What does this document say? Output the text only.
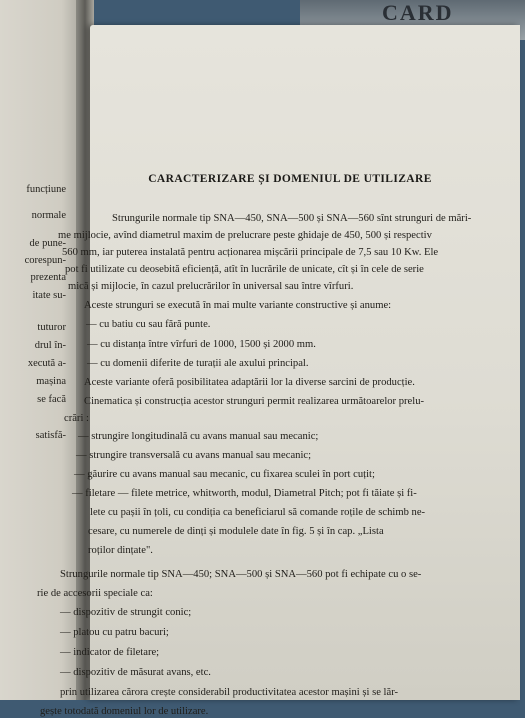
CARD
funcțiune
normale
de pune-
corespun-
prezenta
itate su-
tuturor
drul în-
xecută a-
mașina
se facă
satisfă-
CARACTERIZARE ȘI DOMENIUL DE UTILIZARE
Strungurile normale tip SNA—450, SNA—500 și SNA—560 sînt strunguri de mări-
me mijlocie, avînd diametrul maxim de prelucrare peste ghidaje de 450, 500 și respectiv
560 mm, iar puterea instalată pentru acționarea mișcării principale de 7,5 sau 10 Kw. Ele
pot fi utilizate cu deosebită eficiență, atît în lucrările de unicate, cît și în cele de serie
mică și mijlocie, în cazul prelucrărilor în universal sau între vîrfuri.
Aceste strunguri se execută în mai multe variante constructive și anume:
— cu batiu cu sau fără punte.
— cu distanța între vîrfuri de 1000, 1500 și 2000 mm.
— cu domenii diferite de turații ale axului principal.
Aceste variante oferă posibilitatea adaptării lor la diverse sarcini de producție.
Cinematica și construcția acestor strunguri permit realizarea următoarelor prelu-
crări :
— strungire longitudinală cu avans manual sau mecanic;
— strungire transversală cu avans manual sau mecanic;
— găurire cu avans manual sau mecanic, cu fixarea sculei în port cuțit;
— filetare — filete metrice, whitworth, modul, Diametral Pitch; pot fi tăiate și fi-
lete cu pașii în țoli, cu condiția ca beneficiarul să comande roțile de schimb ne-
cesare, cu numerele de dinți și modulele date în fig. 5 și în cap. „Lista
roților dințate".
Strungurile normale tip SNA—450; SNA—500 și SNA—560 pot fi echipate cu o se-
rie de accesorii speciale ca:
— dispozitiv de strungit conic;
— platou cu patru bacuri;
— indicator de filetare;
— dispozitiv de măsurat avans, etc.
prin utilizarea cărora crește considerabil productivitatea acestor mașini și se lăr-
gește totodată domeniul lor de utilizare.
